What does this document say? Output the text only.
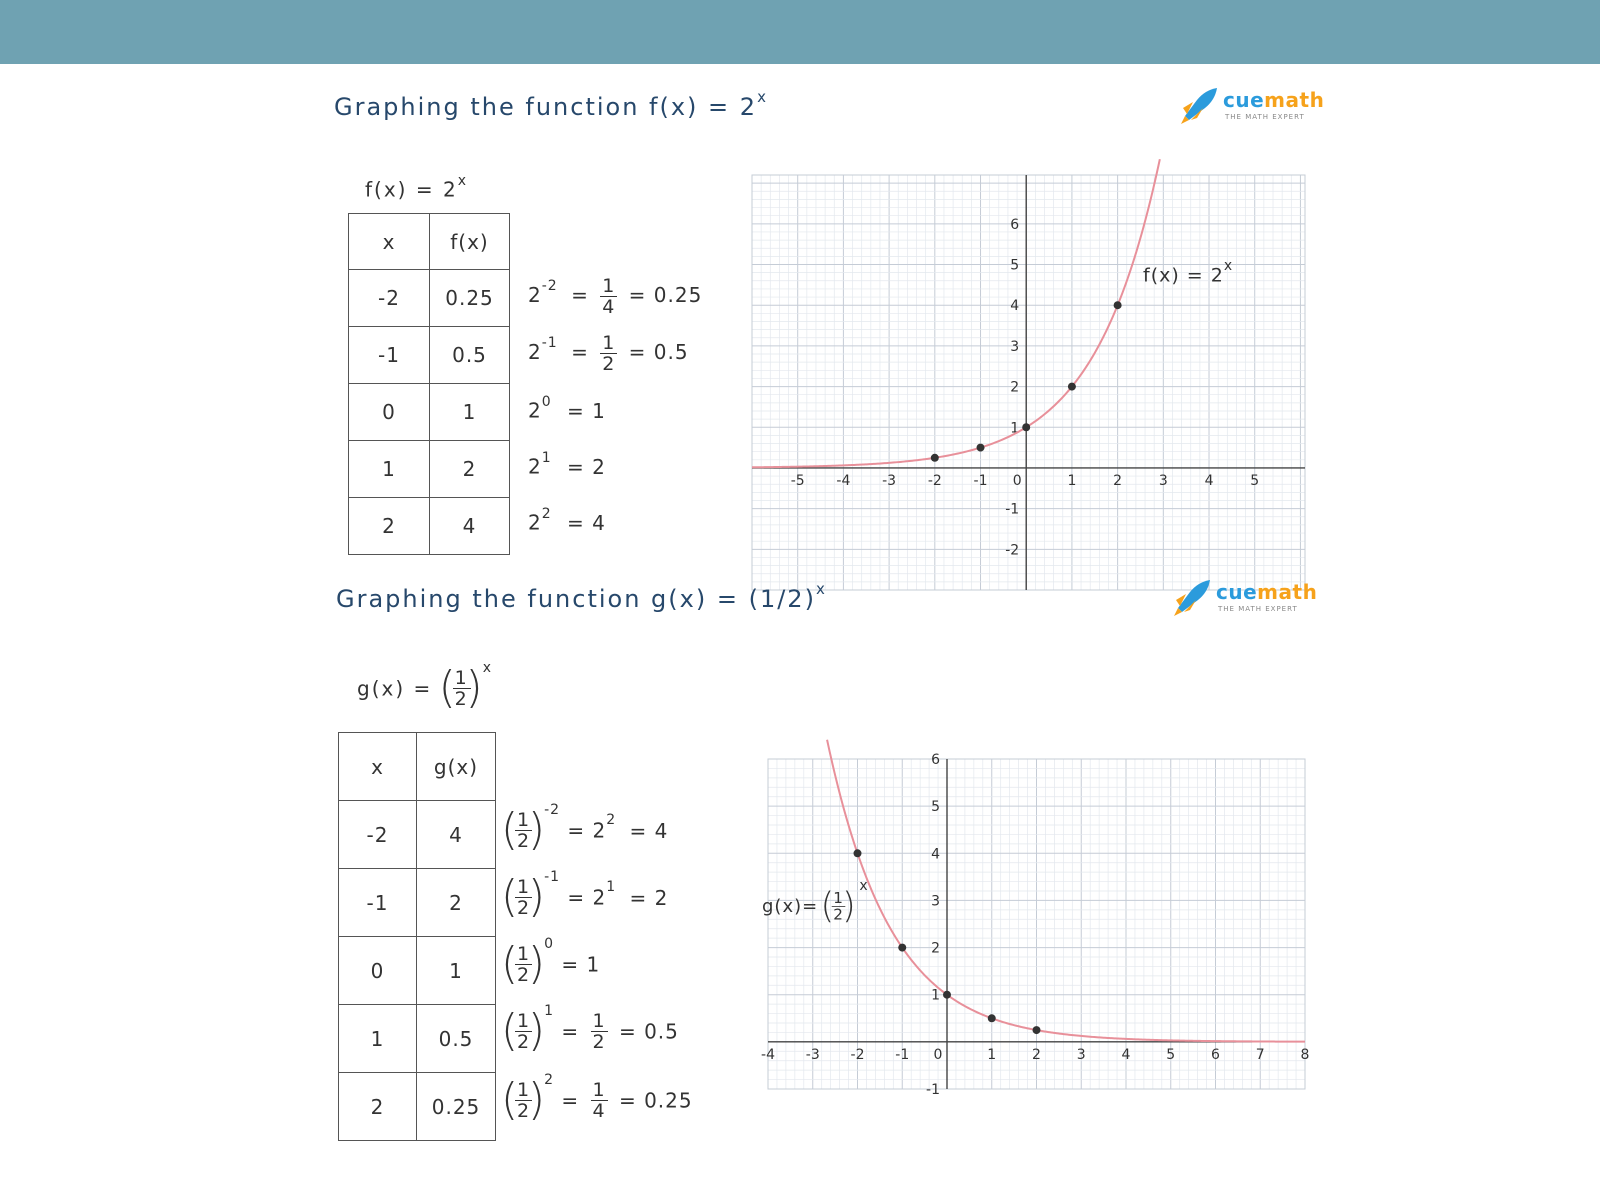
Graphing the function $f(x) = 2^x$	cuemath
THE MATH EXPERT
$f(x) = 2^x$
x	f(x)
-2	0.25
-1	0.5
0	1
1	2
2	4
$2^{-2} = \frac{1}{4} = 0.25$
$2^{-1} = \frac{1}{2} = 0.5$
$2^0 = 1$
$2^1 = 2$
$2^2 = 4$
-5 -4 -3 -2 -1 0	1	2	3	4	5
6
5
4
3
2
1
-1
-2
$f(x) = 2^x$
Graphing the function $g(x) = (1/2)^x$	cuemath
THE MATH EXPERT
g(x) = (
$\frac{1}{2}$
)
$^x$
x	g(x)
-2	4
-1	2
0	1
1	0.5
2	0.25
(
$\frac{1}{2}$
)
$^{-2} = 2^2 = 4$
(
$\frac{1}{2}$
)
$^{-1} = 2^1 = 2$
(
$\frac{1}{2}$
)
$^0$ = 1
(
$\frac{1}{2}$
)
$^1 = \frac{1}{2} = 0.5$
(
$\frac{1}{2}$
)
$^2 = \frac{1}{4} = 0.25$
-4 -3 -2 -1 0	1	2	3	4	5	6	7	8
6
5
4
3
2
1
-1
g(x)= (
$\frac{1}{2}$
) $^x$
